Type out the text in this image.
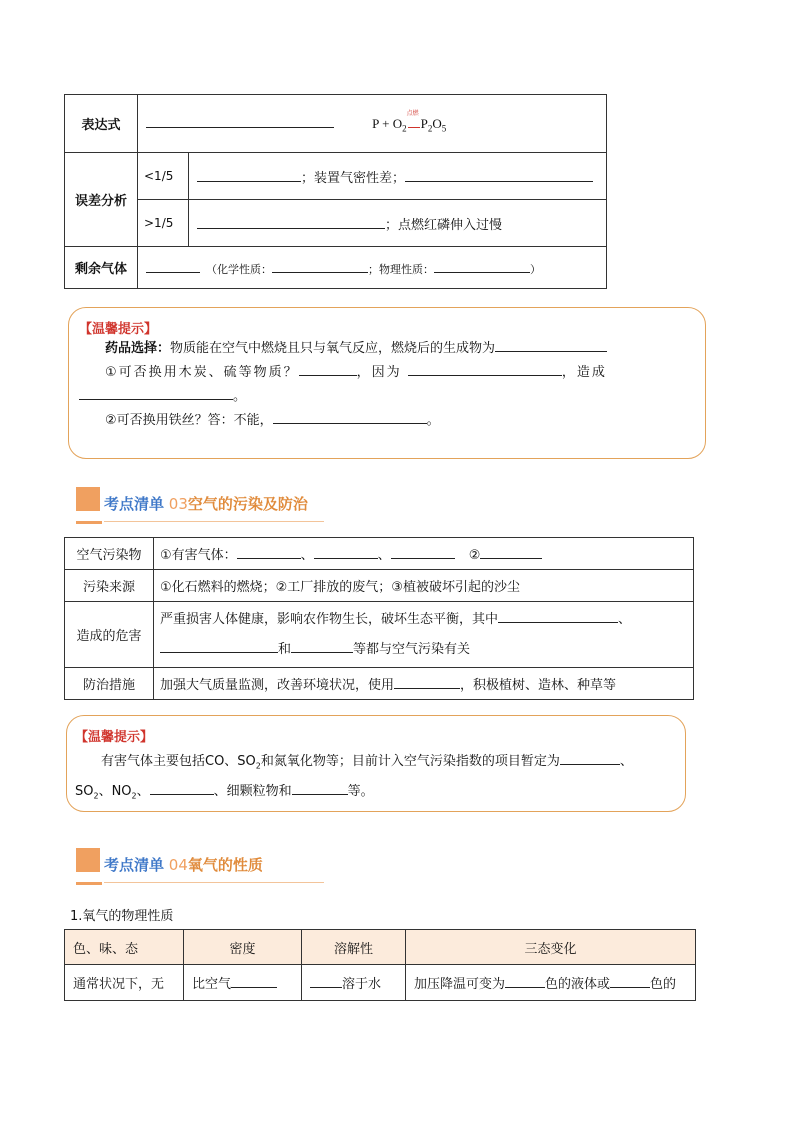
表达式	$P + O_2$
点燃
$P_2O_5$
误差分析	<1/5	；装置气密性差；
	>1/5	；点燃红磷伸入过慢
剩余气体	（化学性质： ；物理性质： ）	
【温馨提示】

药品选择：物质能在空气中燃烧且只与氧气反应，燃烧后的生成物为

①可否换用木炭、硫等物质？	，因为	，造成

。

②可否换用铁丝？答：不能，	。

考点清单 03空气的污染及防治
空气污染物	①有害气体： 、 、 ②
污染来源	①化石燃料的燃烧；②工厂排放的废气；③植被破坏引起的沙尘
造成的危害	严重损害人体健康，影响农作物生长，破坏生态平衡，其中 、
和 等都与空气污染有关

防治措施	加强大气质量监测，改善环境状况，使用 ，积极植树、造林、种草等
【温馨提示】

有害气体主要包括CO、$SO_2$和氮氧化物等；目前计入空气污染指数的项目暂定为	、

$SO_2$、$NO_2$、	、细颗粒物和	等。

考点清单 04氧气的性质
1.氧气的物理性质
色、味、态	密度	溶解性	三态变化
通常状况下，无	比空气	溶于水	加压降温可变为 色的液体或 色的
